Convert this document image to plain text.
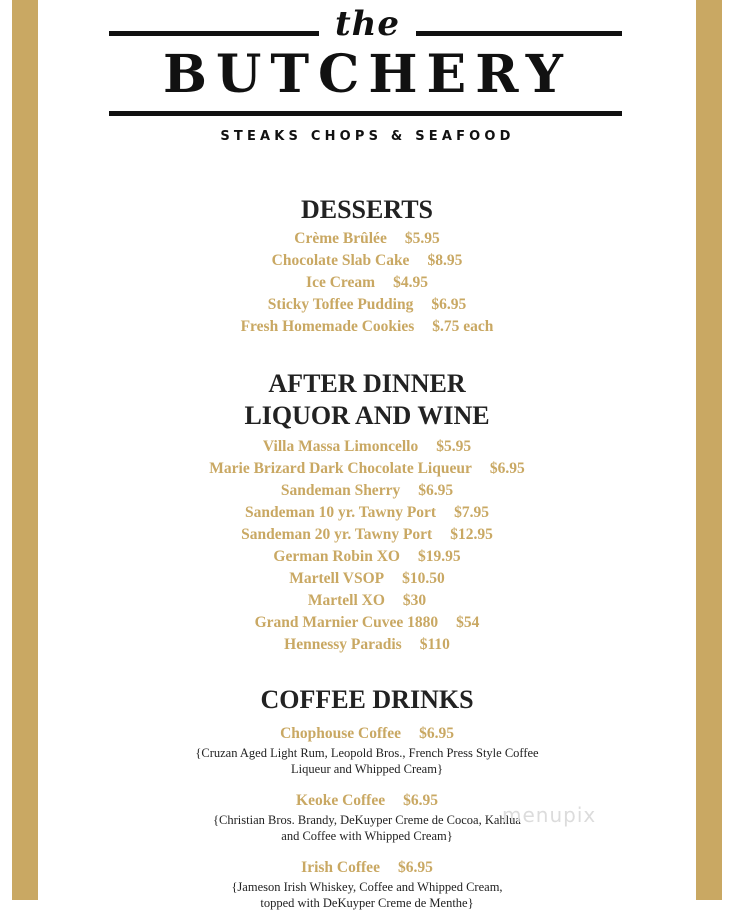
the
BUTCHERY
STEAKS CHOPS & SEAFOOD
DESSERTS
Crème Brûlée $5.95
Chocolate Slab Cake $8.95
Ice Cream $4.95
Sticky Toffee Pudding $6.95
Fresh Homemade Cookies $.75 each
AFTER DINNER
LIQUOR AND WINE
Villa Massa Limoncello $5.95
Marie Brizard Dark Chocolate Liqueur $6.95
Sandeman Sherry $6.95
Sandeman 10 yr. Tawny Port $7.95
Sandeman 20 yr. Tawny Port $12.95
German Robin XO $19.95
Martell VSOP $10.50
Martell XO $30
Grand Marnier Cuvee 1880 $54
Hennessy Paradis $110
COFFEE DRINKS
Chophouse Coffee $6.95
{Cruzan Aged Light Rum, Leopold Bros., French Press Style Coffee
Liqueur and Whipped Cream}
Keoke Coffee $6.95
{Christian Bros. Brandy, DeKuyper Creme de Cocoa, Kahlua
and Coffee with Whipped Cream}
Irish Coffee $6.95
{Jameson Irish Whiskey, Coffee and Whipped Cream,
topped with DeKuyper Creme de Menthe}
menupix
